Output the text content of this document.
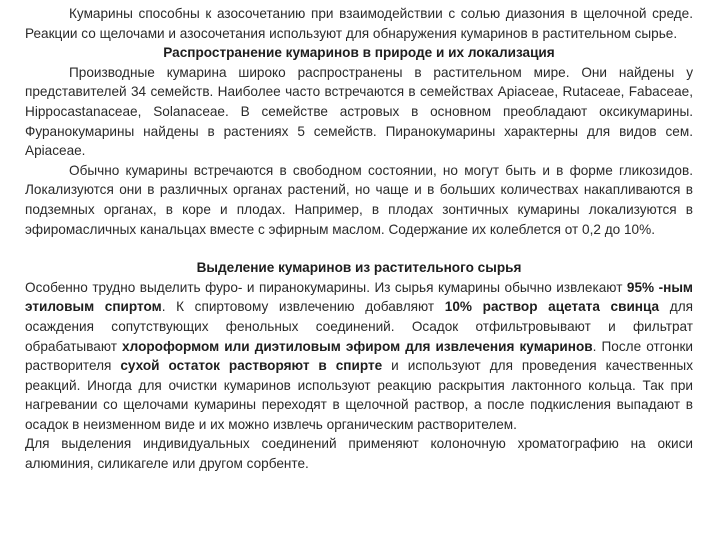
Кумарины способны к азосочетанию при взаимодействии с солью диазония в щелочной среде. Реакции со щелочами и азосочетания используют для обнаружения кумаринов в растительном сырье.

Распространение кумаринов в природе и их локализация

Производные кумарина широко распространены в растительном мире. Они найдены у представителей 34 семейств. Наиболее часто встречаются в семействах Apiaceae, Rutaceae, Fabaceae, Hippocastanaceae, Solanaceae. В семействе астровых в основном преобладают оксикумарины. Фуранокумарины найдены в растениях 5 семейств. Пиранокумарины характерны для видов сем. Apiaceae.

Обычно кумарины встречаются в свободном состоянии, но могут быть и в форме гликозидов. Локализуются они в различных органах растений, но чаще и в больших количествах накапливаются в подземных органах, в коре и плодах. Например, в плодах зонтичных кумарины локализуются в эфиромасличных канальцах вместе с эфирным маслом. Содержание их колеблется от 0,2 до 10%.

Выделение кумаринов из растительного сырья

Особенно трудно выделить фуро- и пиранокумарины. Из сырья кумарины обычно извлекают 95% -ным этиловым спиртом. К спиртовому извлечению добавляют 10% раствор ацетата свинца для осаждения сопутствующих фенольных соединений. Осадок отфильтровывают и фильтрат обрабатывают хлороформом или диэтиловым эфиром для извлечения кумаринов. После отгонки растворителя сухой остаток растворяют в спирте и используют для проведения качественных реакций. Иногда для очистки кумаринов используют реакцию раскрытия лактонного кольца. Так при нагревании со щелочами кумарины переходят в щелочной раствор, а после подкисления выпадают в осадок в неизменном виде и их можно извлечь органическим растворителем.

Для выделения индивидуальных соединений применяют колоночную хроматографию на окиси алюминия, силикагеле или другом сорбенте.
